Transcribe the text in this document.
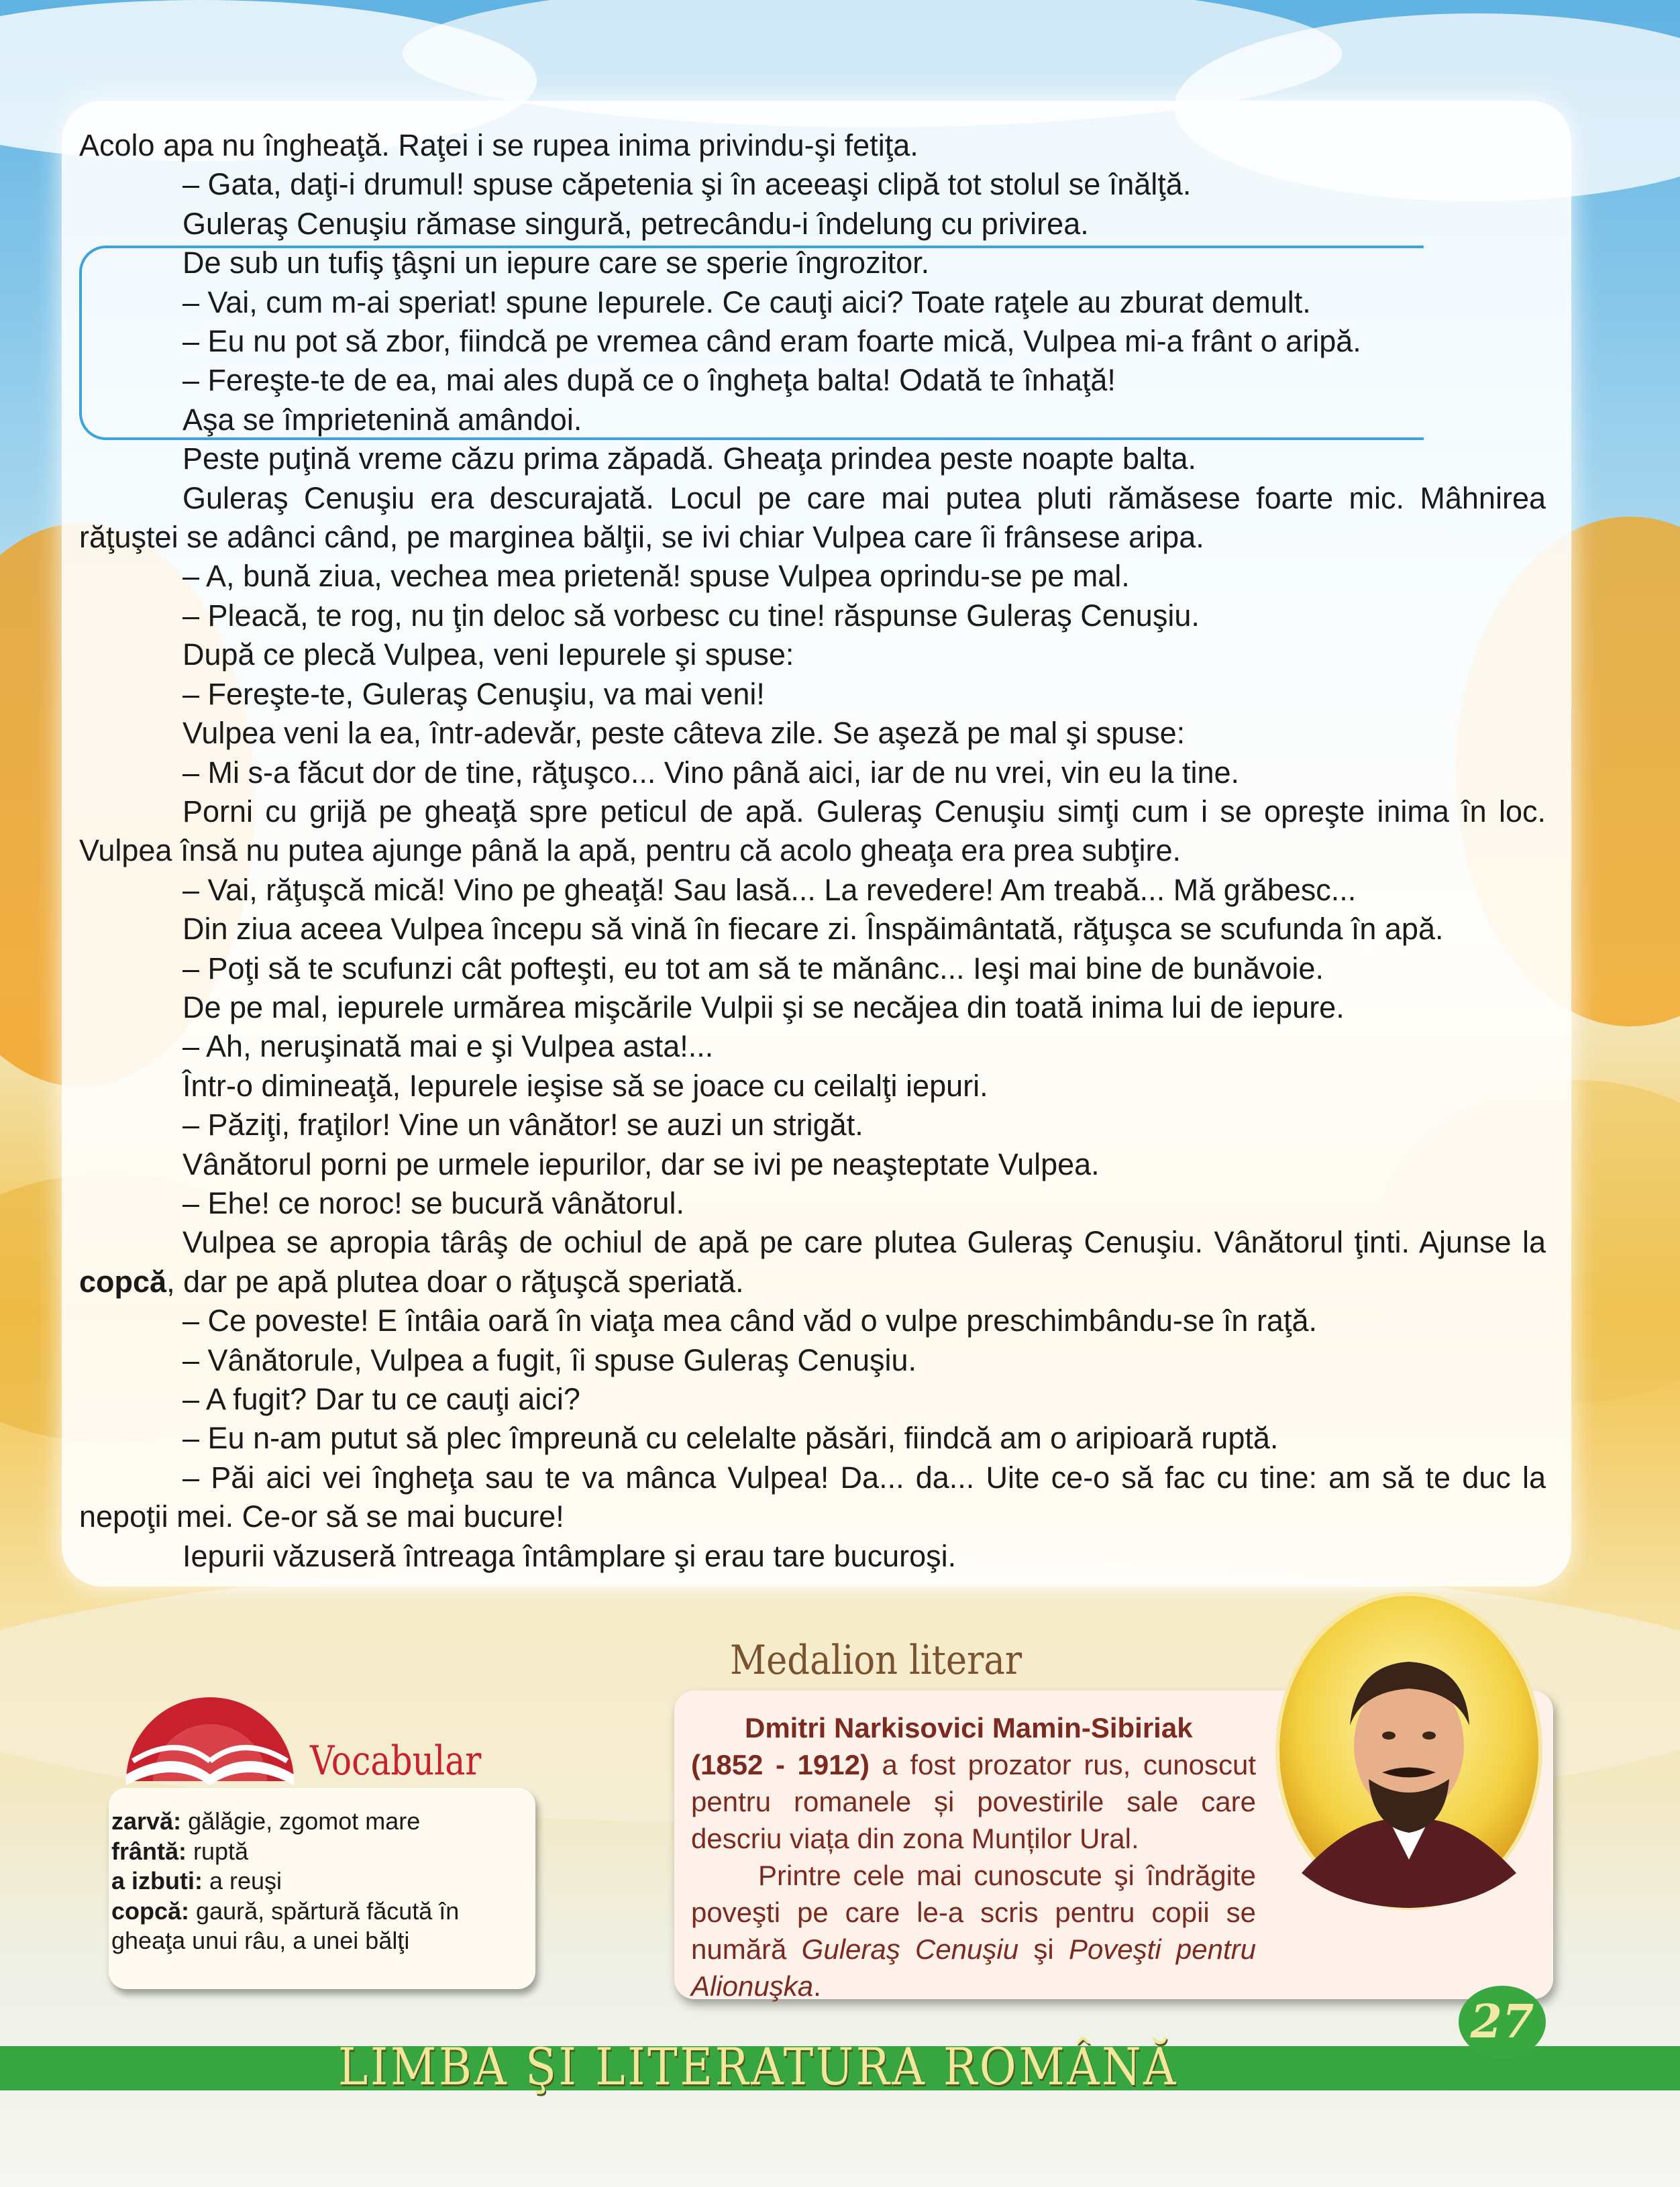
Acolo apa nu îngheaţă. Raţei i se rupea inima privindu-şi fetiţa.

– Gata, daţi-i drumul! spuse căpetenia şi în aceeaşi clipă tot stolul se înălţă.

Guleraş Cenuşiu rămase singură, petrecându-i îndelung cu privirea.

De sub un tufiş ţâşni un iepure care se sperie îngrozitor.

– Vai, cum m-ai speriat! spune Iepurele. Ce cauţi aici? Toate raţele au zburat demult.

– Eu nu pot să zbor, fiindcă pe vremea când eram foarte mică, Vulpea mi-a frânt o aripă.

– Fereşte-te de ea, mai ales după ce o îngheţa balta! Odată te înhaţă!

Aşa se împrietenină amândoi.

Peste puţină vreme căzu prima zăpadă. Gheaţa prindea peste noapte balta.

Guleraş Cenuşiu era descurajată. Locul pe care mai putea pluti rămăsese foarte mic. Mâhnirea răţuştei se adânci când, pe marginea bălţii, se ivi chiar Vulpea care îi frânsese aripa.

– A, bună ziua, vechea mea prietenă! spuse Vulpea oprindu-se pe mal.

– Pleacă, te rog, nu ţin deloc să vorbesc cu tine! răspunse Guleraş Cenuşiu.

După ce plecă Vulpea, veni Iepurele şi spuse:

– Fereşte-te, Guleraş Cenuşiu, va mai veni!

Vulpea veni la ea, într-adevăr, peste câteva zile. Se aşeză pe mal şi spuse:

– Mi s-a făcut dor de tine, răţuşco... Vino până aici, iar de nu vrei, vin eu la tine.

Porni cu grijă pe gheaţă spre peticul de apă. Guleraş Cenuşiu simţi cum i se opreşte inima în loc. Vulpea însă nu putea ajunge până la apă, pentru că acolo gheaţa era prea subţire.

– Vai, răţuşcă mică! Vino pe gheaţă! Sau lasă... La revedere! Am treabă... Mă grăbesc...

Din ziua aceea Vulpea începu să vină în fiecare zi. Înspăimântată, răţuşca se scufunda în apă.

– Poţi să te scufunzi cât pofteşti, eu tot am să te mănânc... Ieşi mai bine de bunăvoie.

De pe mal, iepurele urmărea mişcările Vulpii şi se necăjea din toată inima lui de iepure.

– Ah, neruşinată mai e şi Vulpea asta!...

Într-o dimineaţă, Iepurele ieşise să se joace cu ceilalţi iepuri.

– Păziţi, fraţilor! Vine un vânător! se auzi un strigăt.

Vânătorul porni pe urmele iepurilor, dar se ivi pe neaşteptate Vulpea.

– Ehe! ce noroc! se bucură vânătorul.

Vulpea se apropia târâş de ochiul de apă pe care plutea Guleraş Cenuşiu. Vânătorul ţinti. Ajunse la copcă, dar pe apă plutea doar o răţuşcă speriată.

– Ce poveste! E întâia oară în viaţa mea când văd o vulpe preschimbându-se în raţă.

– Vânătorule, Vulpea a fugit, îi spuse Guleraş Cenuşiu.

– A fugit? Dar tu ce cauţi aici?

– Eu n-am putut să plec împreună cu celelalte păsări, fiindcă am o aripioară ruptă.

– Păi aici vei îngheţa sau te va mânca Vulpea! Da... da... Uite ce-o să fac cu tine: am să te duc la nepoţii mei. Ce-or să se mai bucure!

Iepurii văzuseră întreaga întâmplare şi erau tare bucuroşi.

Vocabular
zarvă: gălăgie, zgomot mare
frântă: ruptă
a izbuti: a reuşi
copcă: gaură, spărtură făcută în gheaţa unui râu, a unei bălţi
Medalion literar

Dmitri Narkisovici Mamin-Sibiriak
(1852 - 1912) a fost prozator rus, cunoscut pentru romanele și povestirile sale care descriu viața din zona Munților Ural.

Printre cele mai cunoscute şi îndrăgite poveşti pe care le-a scris pentru copii se numără Guleraş Cenuşiu şi Poveşti pentru Alionuşka.

LIMBA ŞI LITERATURA ROMÂNĂ
27
